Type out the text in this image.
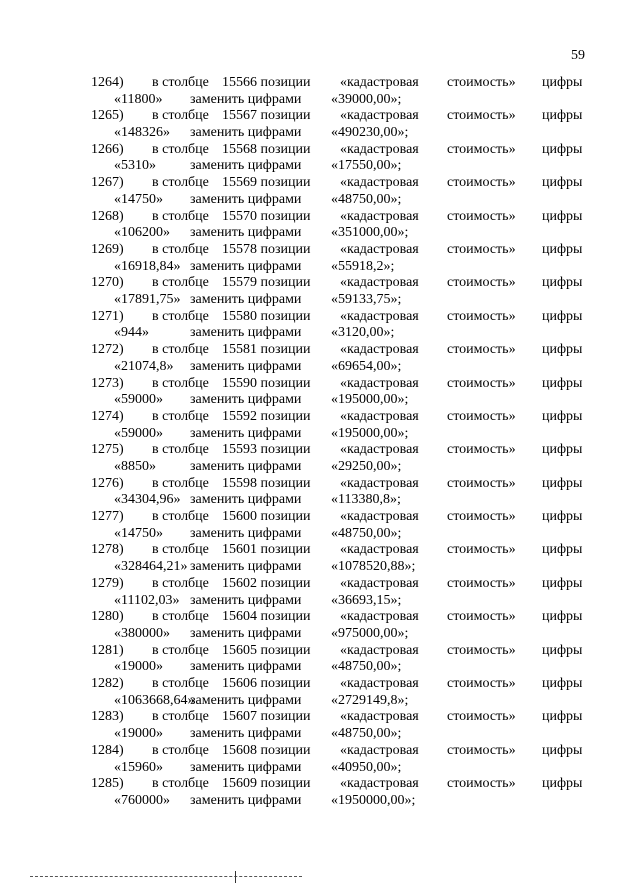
59
1264) в столбце 15566 позиции «кадастровая стоимость» цифры
«11800» заменить цифрами «39000,00»;
1265) в столбце 15567 позиции «кадастровая стоимость» цифры
«148326» заменить цифрами «490230,00»;
1266) в столбце 15568 позиции «кадастровая стоимость» цифры
«5310» заменить цифрами «17550,00»;
1267) в столбце 15569 позиции «кадастровая стоимость» цифры
«14750» заменить цифрами «48750,00»;
1268) в столбце 15570 позиции «кадастровая стоимость» цифры
«106200» заменить цифрами «351000,00»;
1269) в столбце 15578 позиции «кадастровая стоимость» цифры
«16918,84» заменить цифрами «55918,2»;
1270) в столбце 15579 позиции «кадастровая стоимость» цифры
«17891,75» заменить цифрами «59133,75»;
1271) в столбце 15580 позиции «кадастровая стоимость» цифры
«944»	заменить цифрами «3120,00»;
1272) в столбце 15581 позиции «кадастровая стоимость» цифры
«21074,8» заменить цифрами «69654,00»;
1273) в столбце 15590 позиции «кадастровая стоимость» цифры
«59000» заменить цифрами «195000,00»;
1274) в столбце 15592 позиции «кадастровая стоимость» цифры
«59000» заменить цифрами «195000,00»;
1275) в столбце 15593 позиции «кадастровая стоимость» цифры
«8850» заменить цифрами «29250,00»;
1276) в столбце 15598 позиции «кадастровая стоимость» цифры
«34304,96» заменить цифрами «113380,8»;
1277) в столбце 15600 позиции «кадастровая стоимость» цифры
«14750» заменить цифрами «48750,00»;
1278) в столбце 15601 позиции «кадастровая стоимость» цифры
«328464,21» заменить цифрами «1078520,88»;
1279) в столбце 15602 позиции «кадастровая стоимость» цифры
«11102,03» заменить цифрами «36693,15»;
1280) в столбце 15604 позиции «кадастровая стоимость» цифры
«380000» заменить цифрами «975000,00»;
1281) в столбце 15605 позиции «кадастровая стоимость» цифры
«19000» заменить цифрами «48750,00»;
1282) в столбце 15606 позиции «кадастровая стоимость» цифры
«1063668,64»
заменить цифрами «2729149,8»;
1283) в столбце 15607 позиции «кадастровая стоимость» цифры
«19000» заменить цифрами «48750,00»;
1284) в столбце 15608 позиции «кадастровая стоимость» цифры
«15960» заменить цифрами «40950,00»;
1285) в столбце 15609 позиции «кадастровая стоимость» цифры
«760000» заменить цифрами «1950000,00»;
